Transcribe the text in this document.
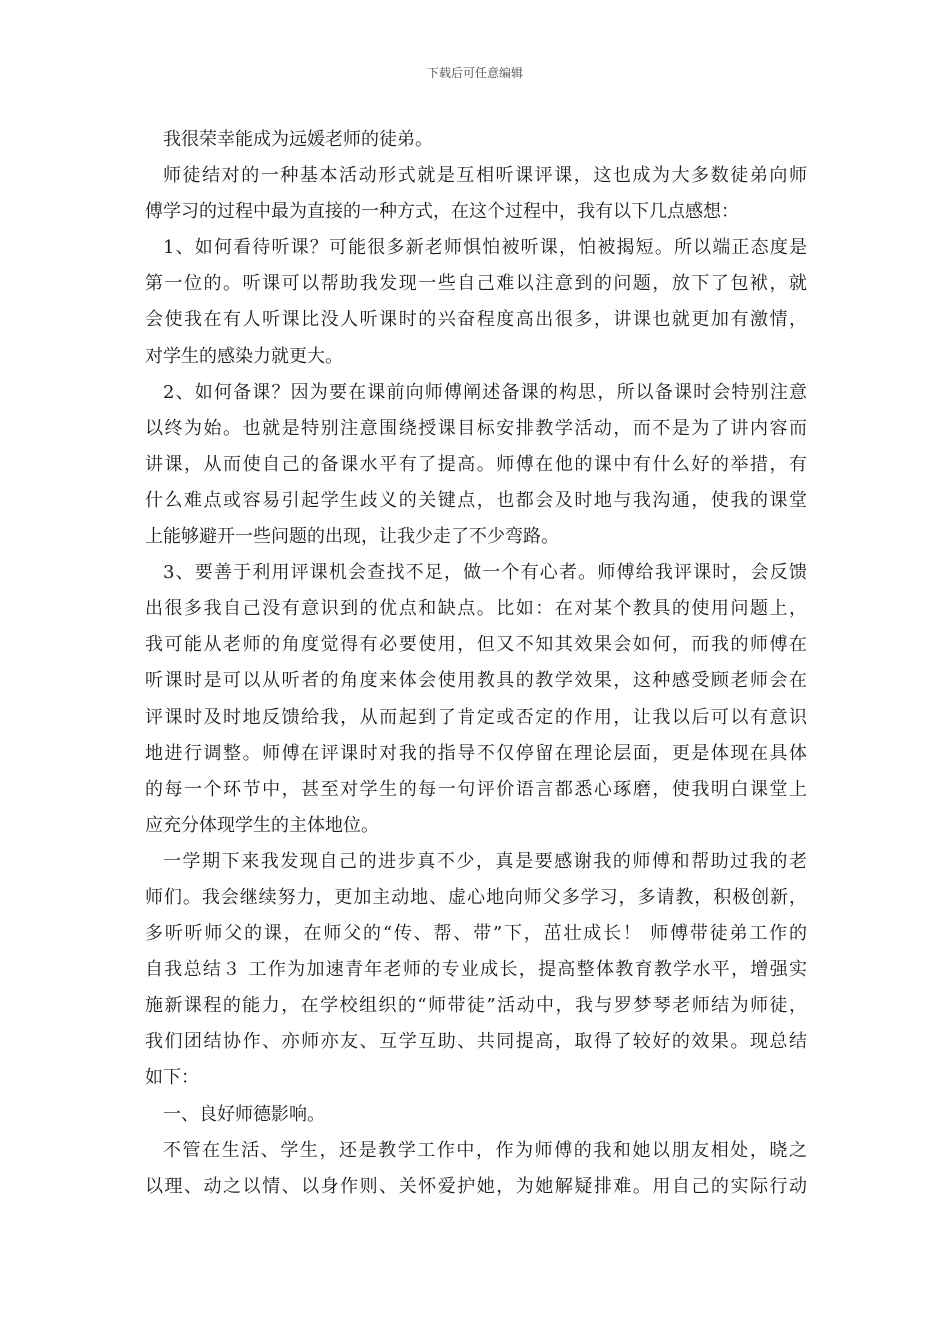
下载后可任意编辑
我很荣幸能成为远媛老师的徒弟。
师徒结对的一种基本活动形式就是互相听课评课，这也成为大多数徒弟向师
傅学习的过程中最为直接的一种方式，在这个过程中，我有以下几点感想：
1、如何看待听课？可能很多新老师惧怕被听课，怕被揭短。所以端正态度是
第一位的。听课可以帮助我发现一些自己难以注意到的问题，放下了包袱，就
会使我在有人听课比没人听课时的兴奋程度高出很多，讲课也就更加有激情，
对学生的感染力就更大。
2、如何备课？因为要在课前向师傅阐述备课的构思，所以备课时会特别注意
以终为始。也就是特别注意围绕授课目标安排教学活动，而不是为了讲内容而
讲课，从而使自己的备课水平有了提高。师傅在他的课中有什么好的举措，有
什么难点或容易引起学生歧义的关键点，也都会及时地与我沟通，使我的课堂
上能够避开一些问题的出现，让我少走了不少弯路。
3、要善于利用评课机会查找不足，做一个有心者。师傅给我评课时，会反馈
出很多我自己没有意识到的优点和缺点。比如：在对某个教具的使用问题上，
我可能从老师的角度觉得有必要使用，但又不知其效果会如何，而我的师傅在
听课时是可以从听者的角度来体会使用教具的教学效果，这种感受顾老师会在
评课时及时地反馈给我，从而起到了肯定或否定的作用，让我以后可以有意识
地进行调整。师傅在评课时对我的指导不仅停留在理论层面，更是体现在具体
的每一个环节中，甚至对学生的每一句评价语言都悉心琢磨，使我明白课堂上
应充分体现学生的主体地位。
一学期下来我发现自己的进步真不少，真是要感谢我的师傅和帮助过我的老
师们。我会继续努力，更加主动地、虚心地向师父多学习，多请教，积极创新，
多听听师父的课，在师父的“传、帮、带”下，茁壮成长！ 师傅带徒弟工作的
自我总结３ 工作为加速青年老师的专业成长，提高整体教育教学水平，增强实
施新课程的能力，在学校组织的“师带徒”活动中，我与罗梦琴老师结为师徒，
我们团结协作、亦师亦友、互学互助、共同提高，取得了较好的效果。现总结
如下：
一、良好师德影响。
不管在生活、学生，还是教学工作中，作为师傅的我和她以朋友相处，晓之
以理、动之以情、以身作则、关怀爱护她，为她解疑排难。用自己的实际行动
